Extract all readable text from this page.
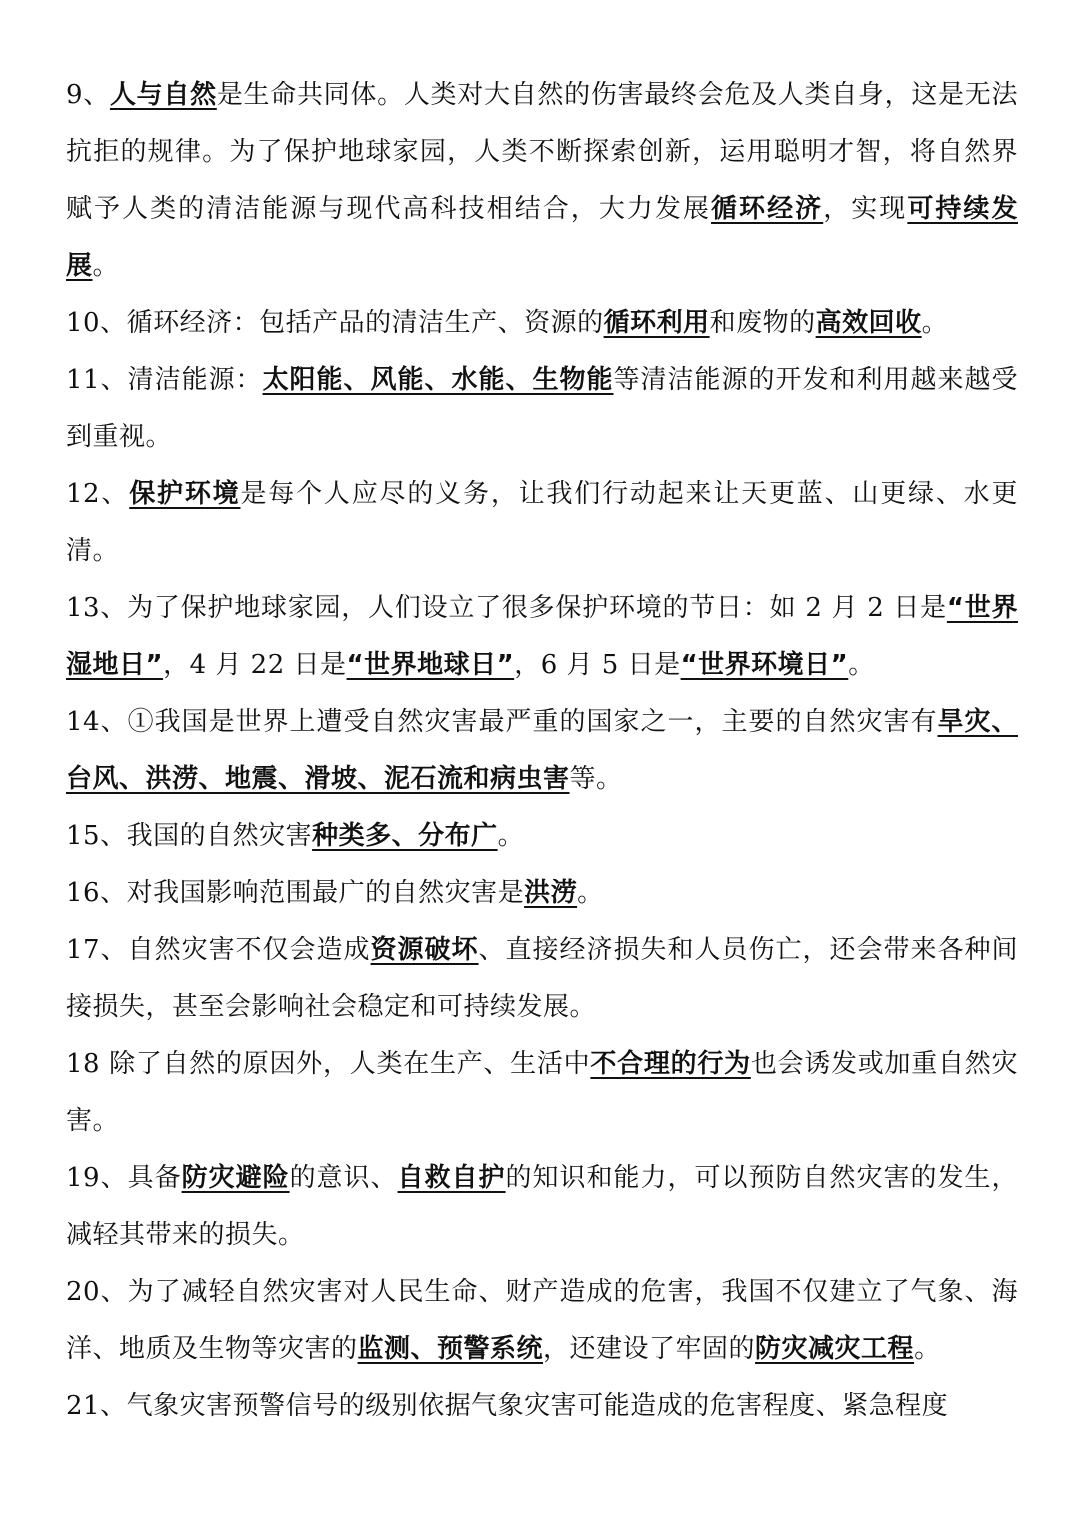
9、人与自然是生命共同体。人类对大自然的伤害最终会危及人类自身，这是无法抗拒的规律。为了保护地球家园，人类不断探索创新，运用聪明才智，将自然界赋予人类的清洁能源与现代高科技相结合，大力发展循环经济，实现可持续发展。

10、循环经济：包括产品的清洁生产、资源的循环利用和废物的高效回收。

11、清洁能源：太阳能、风能、水能、生物能等清洁能源的开发和利用越来越受到重视。

12、保护环境是每个人应尽的义务，让我们行动起来让天更蓝、山更绿、水更清。

13、为了保护地球家园，人们设立了很多保护环境的节日：如 2 月 2 日是“世界湿地日”，4 月 22 日是“世界地球日”，6 月 5 日是“世界环境日”。

14、①我国是世界上遭受自然灾害最严重的国家之一，主要的自然灾害有旱灾、台风、洪涝、地震、滑坡、泥石流和病虫害等。

15、我国的自然灾害种类多、分布广。

16、对我国影响范围最广的自然灾害是洪涝。

17、自然灾害不仅会造成资源破坏、直接经济损失和人员伤亡，还会带来各种间接损失，甚至会影响社会稳定和可持续发展。

18 除了自然的原因外，人类在生产、生活中不合理的行为也会诱发或加重自然灾害。

19、具备防灾避险的意识、自救自护的知识和能力，可以预防自然灾害的发生，减轻其带来的损失。

20、为了减轻自然灾害对人民生命、财产造成的危害，我国不仅建立了气象、海洋、地质及生物等灾害的监测、预警系统，还建设了牢固的防灾减灾工程。

21、气象灾害预警信号的级别依据气象灾害可能造成的危害程度、紧急程度
